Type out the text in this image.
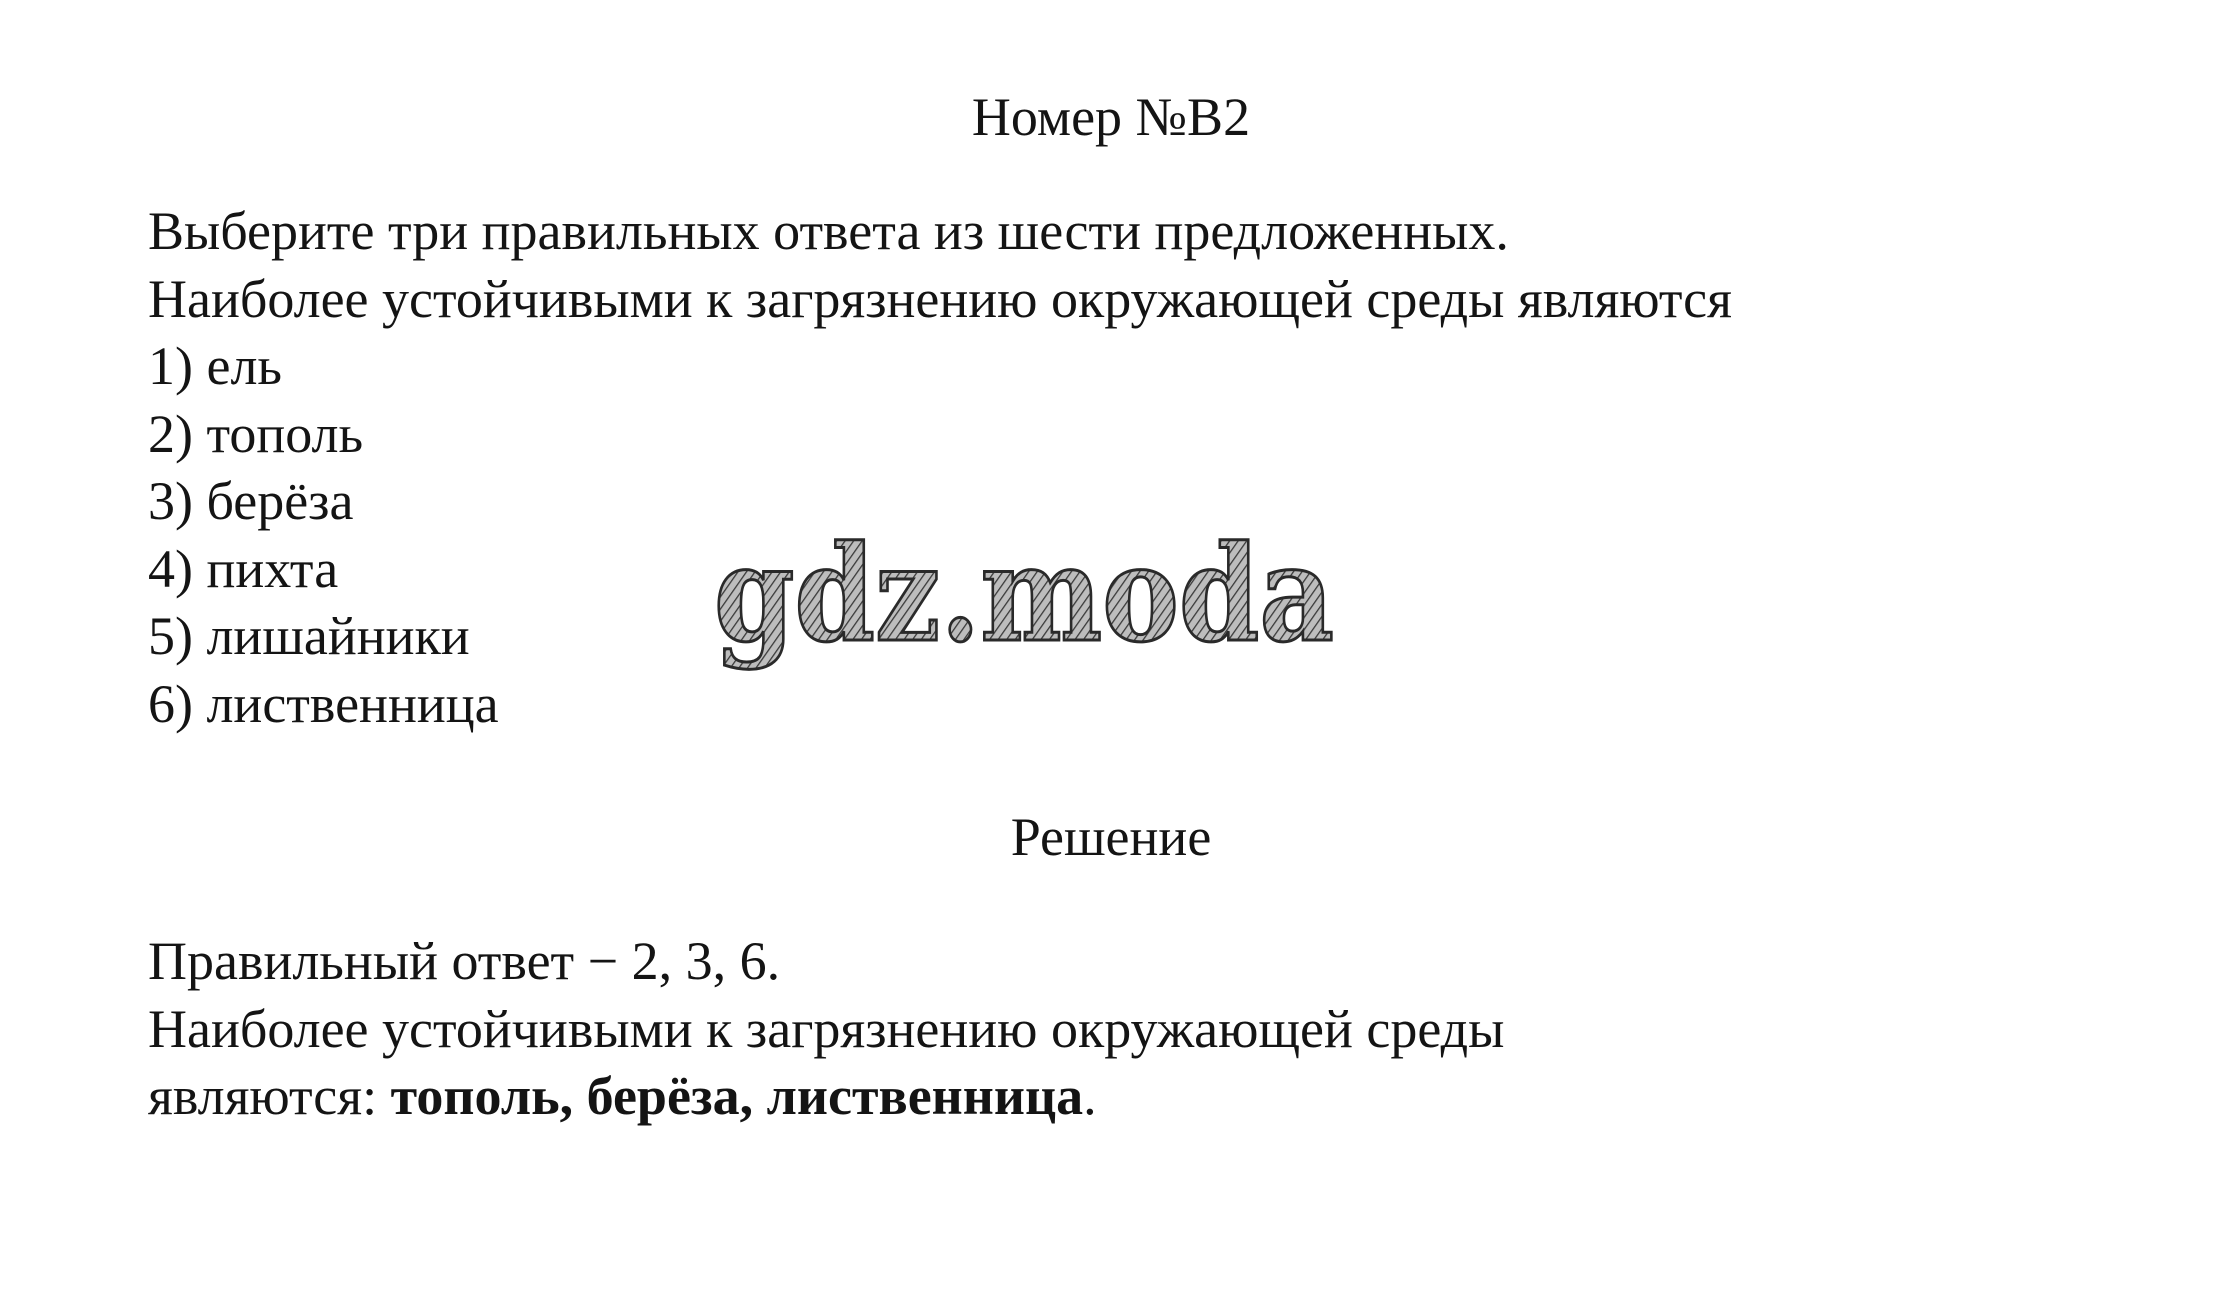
Номер №В2
Выберите три правильных ответа из шести предложенных.
Наиболее устойчивыми к загрязнению окружающей среды являются
1) ель
2) тополь
3) берёза
4) пихта
5) лишайники
6) лиственница
gdz.moda
Решение
Правильный ответ − 2, 3, 6.
Наиболее устойчивыми к загрязнению окружающей среды
являются: тополь, берёза, лиственница.
